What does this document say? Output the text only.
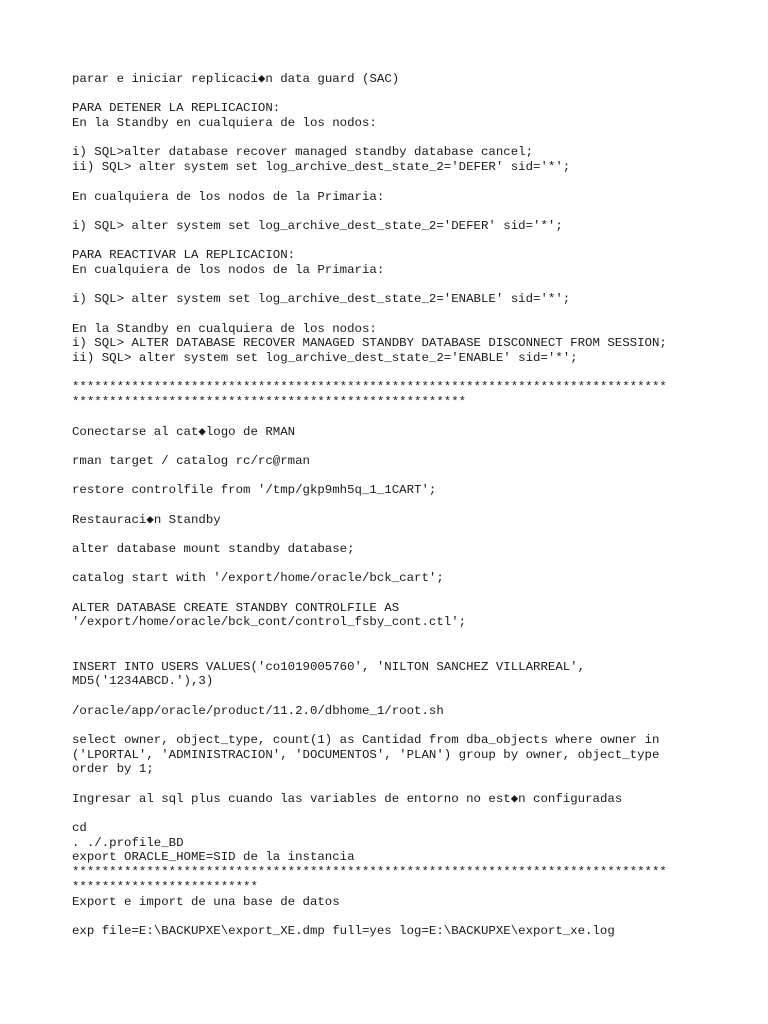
parar e iniciar replicaci◆n data guard (SAC)
PARA DETENER LA REPLICACION:
En la Standby en cualquiera de los nodos:
i) SQL>alter database recover managed standby database cancel;
ii) SQL> alter system set log_archive_dest_state_2='DEFER' sid='*';
En cualquiera de los nodos de la Primaria:
i) SQL> alter system set log_archive_dest_state_2='DEFER' sid='*';
PARA REACTIVAR LA REPLICACION:
En cualquiera de los nodos de la Primaria:
i) SQL> alter system set log_archive_dest_state_2='ENABLE' sid='*';
En la Standby en cualquiera de los nodos:
i) SQL> ALTER DATABASE RECOVER MANAGED STANDBY DATABASE DISCONNECT FROM SESSION;
ii) SQL> alter system set log_archive_dest_state_2='ENABLE' sid='*';
********************************************************************************
*****************************************************
Conectarse al cat◆logo de RMAN
rman target / catalog rc/rc@rman
restore controlfile from '/tmp/gkp9mh5q_1_1CART';
Restauraci◆n Standby
alter database mount standby database;
catalog start with '/export/home/oracle/bck_cart';
ALTER DATABASE CREATE STANDBY CONTROLFILE AS
'/export/home/oracle/bck_cont/control_fsby_cont.ctl';
INSERT INTO USERS VALUES('co1019005760', 'NILTON SANCHEZ VILLARREAL',
MD5('1234ABCD.'),3)
/oracle/app/oracle/product/11.2.0/dbhome_1/root.sh
select owner, object_type, count(1) as Cantidad from dba_objects where owner in
('LPORTAL', 'ADMINISTRACION', 'DOCUMENTOS', 'PLAN') group by owner, object_type
order by 1;
Ingresar al sql plus cuando las variables de entorno no est◆n configuradas
cd
. ./.profile_BD
export ORACLE_HOME=SID de la instancia
********************************************************************************
*************************
Export e import de una base de datos
exp file=E:\BACKUPXE\export_XE.dmp full=yes log=E:\BACKUPXE\export_xe.log
